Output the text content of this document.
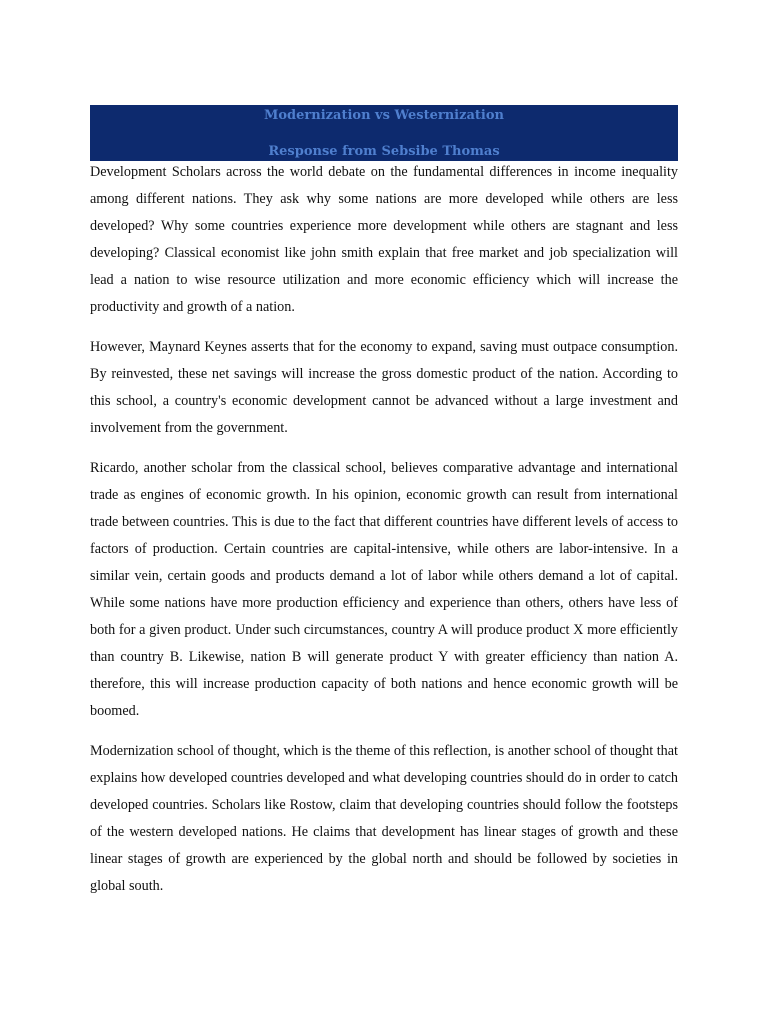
Modernization vs Westernization
Response from Sebsibe Thomas

Development Scholars across the world debate on the fundamental differences in income inequality among different nations. They ask why some nations are more developed while others are less developed? Why some countries experience more development while others are stagnant and less developing? Classical economist like john smith explain that free market and job specialization will lead a nation to wise resource utilization and more economic efficiency which will increase the productivity and growth of a nation.

However, Maynard Keynes asserts that for the economy to expand, saving must outpace consumption. By reinvested, these net savings will increase the gross domestic product of the nation. According to this school, a country's economic development cannot be advanced without a large investment and involvement from the government.

Ricardo, another scholar from the classical school, believes comparative advantage and international trade as engines of economic growth. In his opinion, economic growth can result from international trade between countries. This is due to the fact that different countries have different levels of access to factors of production. Certain countries are capital-intensive, while others are labor-intensive. In a similar vein, certain goods and products demand a lot of labor while others demand a lot of capital. While some nations have more production efficiency and experience than others, others have less of both for a given product. Under such circumstances, country A will produce product X more efficiently than country B. Likewise, nation B will generate product Y with greater efficiency than nation A. therefore, this will increase production capacity of both nations and hence economic growth will be boomed.

Modernization school of thought, which is the theme of this reflection, is another school of thought that explains how developed countries developed and what developing countries should do in order to catch developed countries. Scholars like Rostow, claim that developing countries should follow the footsteps of the western developed nations. He claims that development has linear stages of growth and these linear stages of growth are experienced by the global north and should be followed by societies in global south.
